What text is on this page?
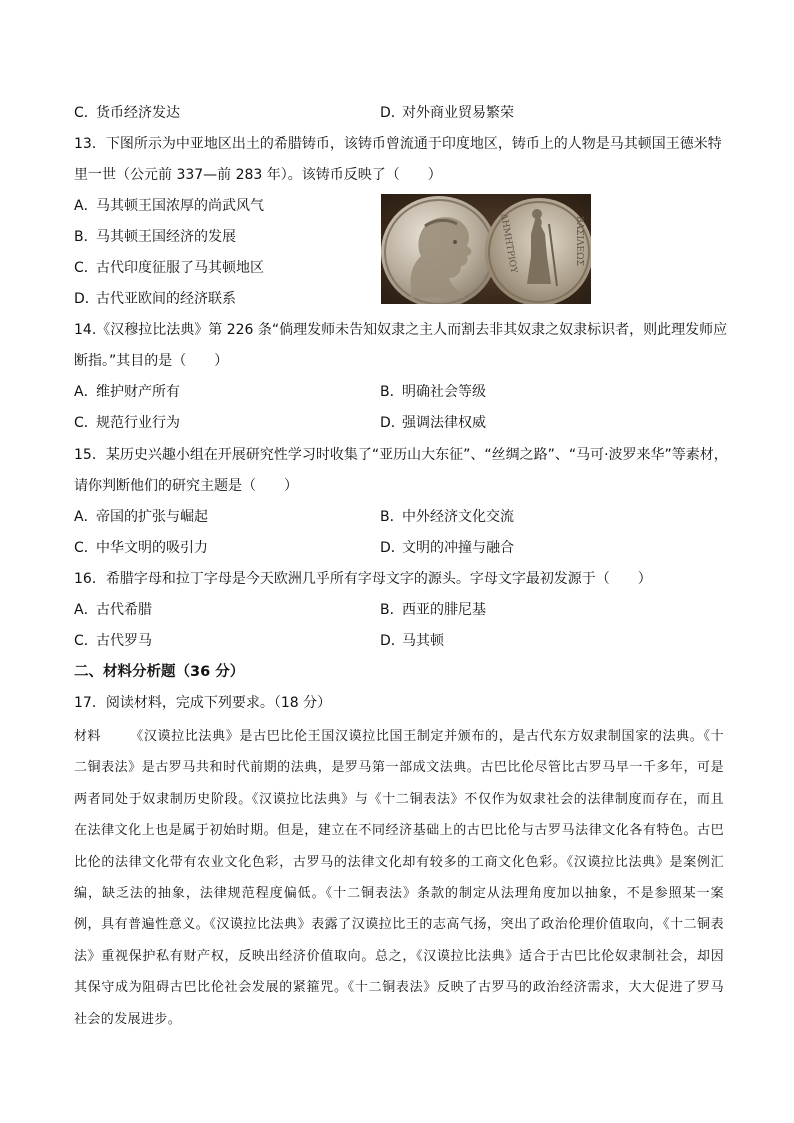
C．货币经济发达	D．对外商业贸易繁荣
13．下图所示为中亚地区出土的希腊铸币，该铸币曾流通于印度地区，铸币上的人物是马其顿国王德米特
里一世（公元前 337—前 283 年）。该铸币反映了（　　）
A．马其顿王国浓厚的尚武风气
B．马其顿王国经济的发展
C．古代印度征服了马其顿地区
D．古代亚欧间的经济联系
ΔΗΜΗΤΡΙΟΥ	ΒΑΣΙΛΕΩΣ
14.《汉穆拉比法典》第 226 条“倘理发师未告知奴隶之主人而割去非其奴隶之奴隶标识者，则此理发师应
断指。”其目的是（　　）
A．维护财产所有	B．明确社会等级
C．规范行业行为	D．强调法律权威
15．某历史兴趣小组在开展研究性学习时收集了“亚历山大东征”、“丝绸之路”、“马可·波罗来华”等素材，
请你判断他们的研究主题是（　　）
A．帝国的扩张与崛起	B．中外经济文化交流
C．中华文明的吸引力	D．文明的冲撞与融合
16．希腊字母和拉丁字母是今天欧洲几乎所有字母文字的源头。字母文字最初发源于（　　）
A．古代希腊	B．西亚的腓尼基
C．古代罗马	D．马其顿
二、材料分析题（36 分）
17．阅读材料，完成下列要求。（18 分）
材料 《汉谟拉比法典》是古巴比伦王国汉谟拉比国王制定并颁布的，是古代东方奴隶制国家的法典。《十二铜表法》是古罗马共和时代前期的法典，是罗马第一部成文法典。古巴比伦尽管比古罗马早一千多年，可是两者同处于奴隶制历史阶段。《汉谟拉比法典》与《十二铜表法》不仅作为奴隶社会的法律制度而存在，而且在法律文化上也是属于初始时期。但是，建立在不同经济基础上的古巴比伦与古罗马法律文化各有特色。古巴比伦的法律文化带有农业文化色彩，古罗马的法律文化却有较多的工商文化色彩。《汉谟拉比法典》是案例汇编，缺乏法的抽象，法律规范程度偏低。《十二铜表法》条款的制定从法理角度加以抽象，不是参照某一案例，具有普遍性意义。《汉谟拉比法典》表露了汉谟拉比王的志高气扬，突出了政治伦理价值取向，《十二铜表法》重视保护私有财产权，反映出经济价值取向。总之，《汉谟拉比法典》适合于古巴比伦奴隶制社会，却因其保守成为阻碍古巴比伦社会发展的紧箍咒。《十二铜表法》反映了古罗马的政治经济需求，大大促进了罗马社会的发展进步。
